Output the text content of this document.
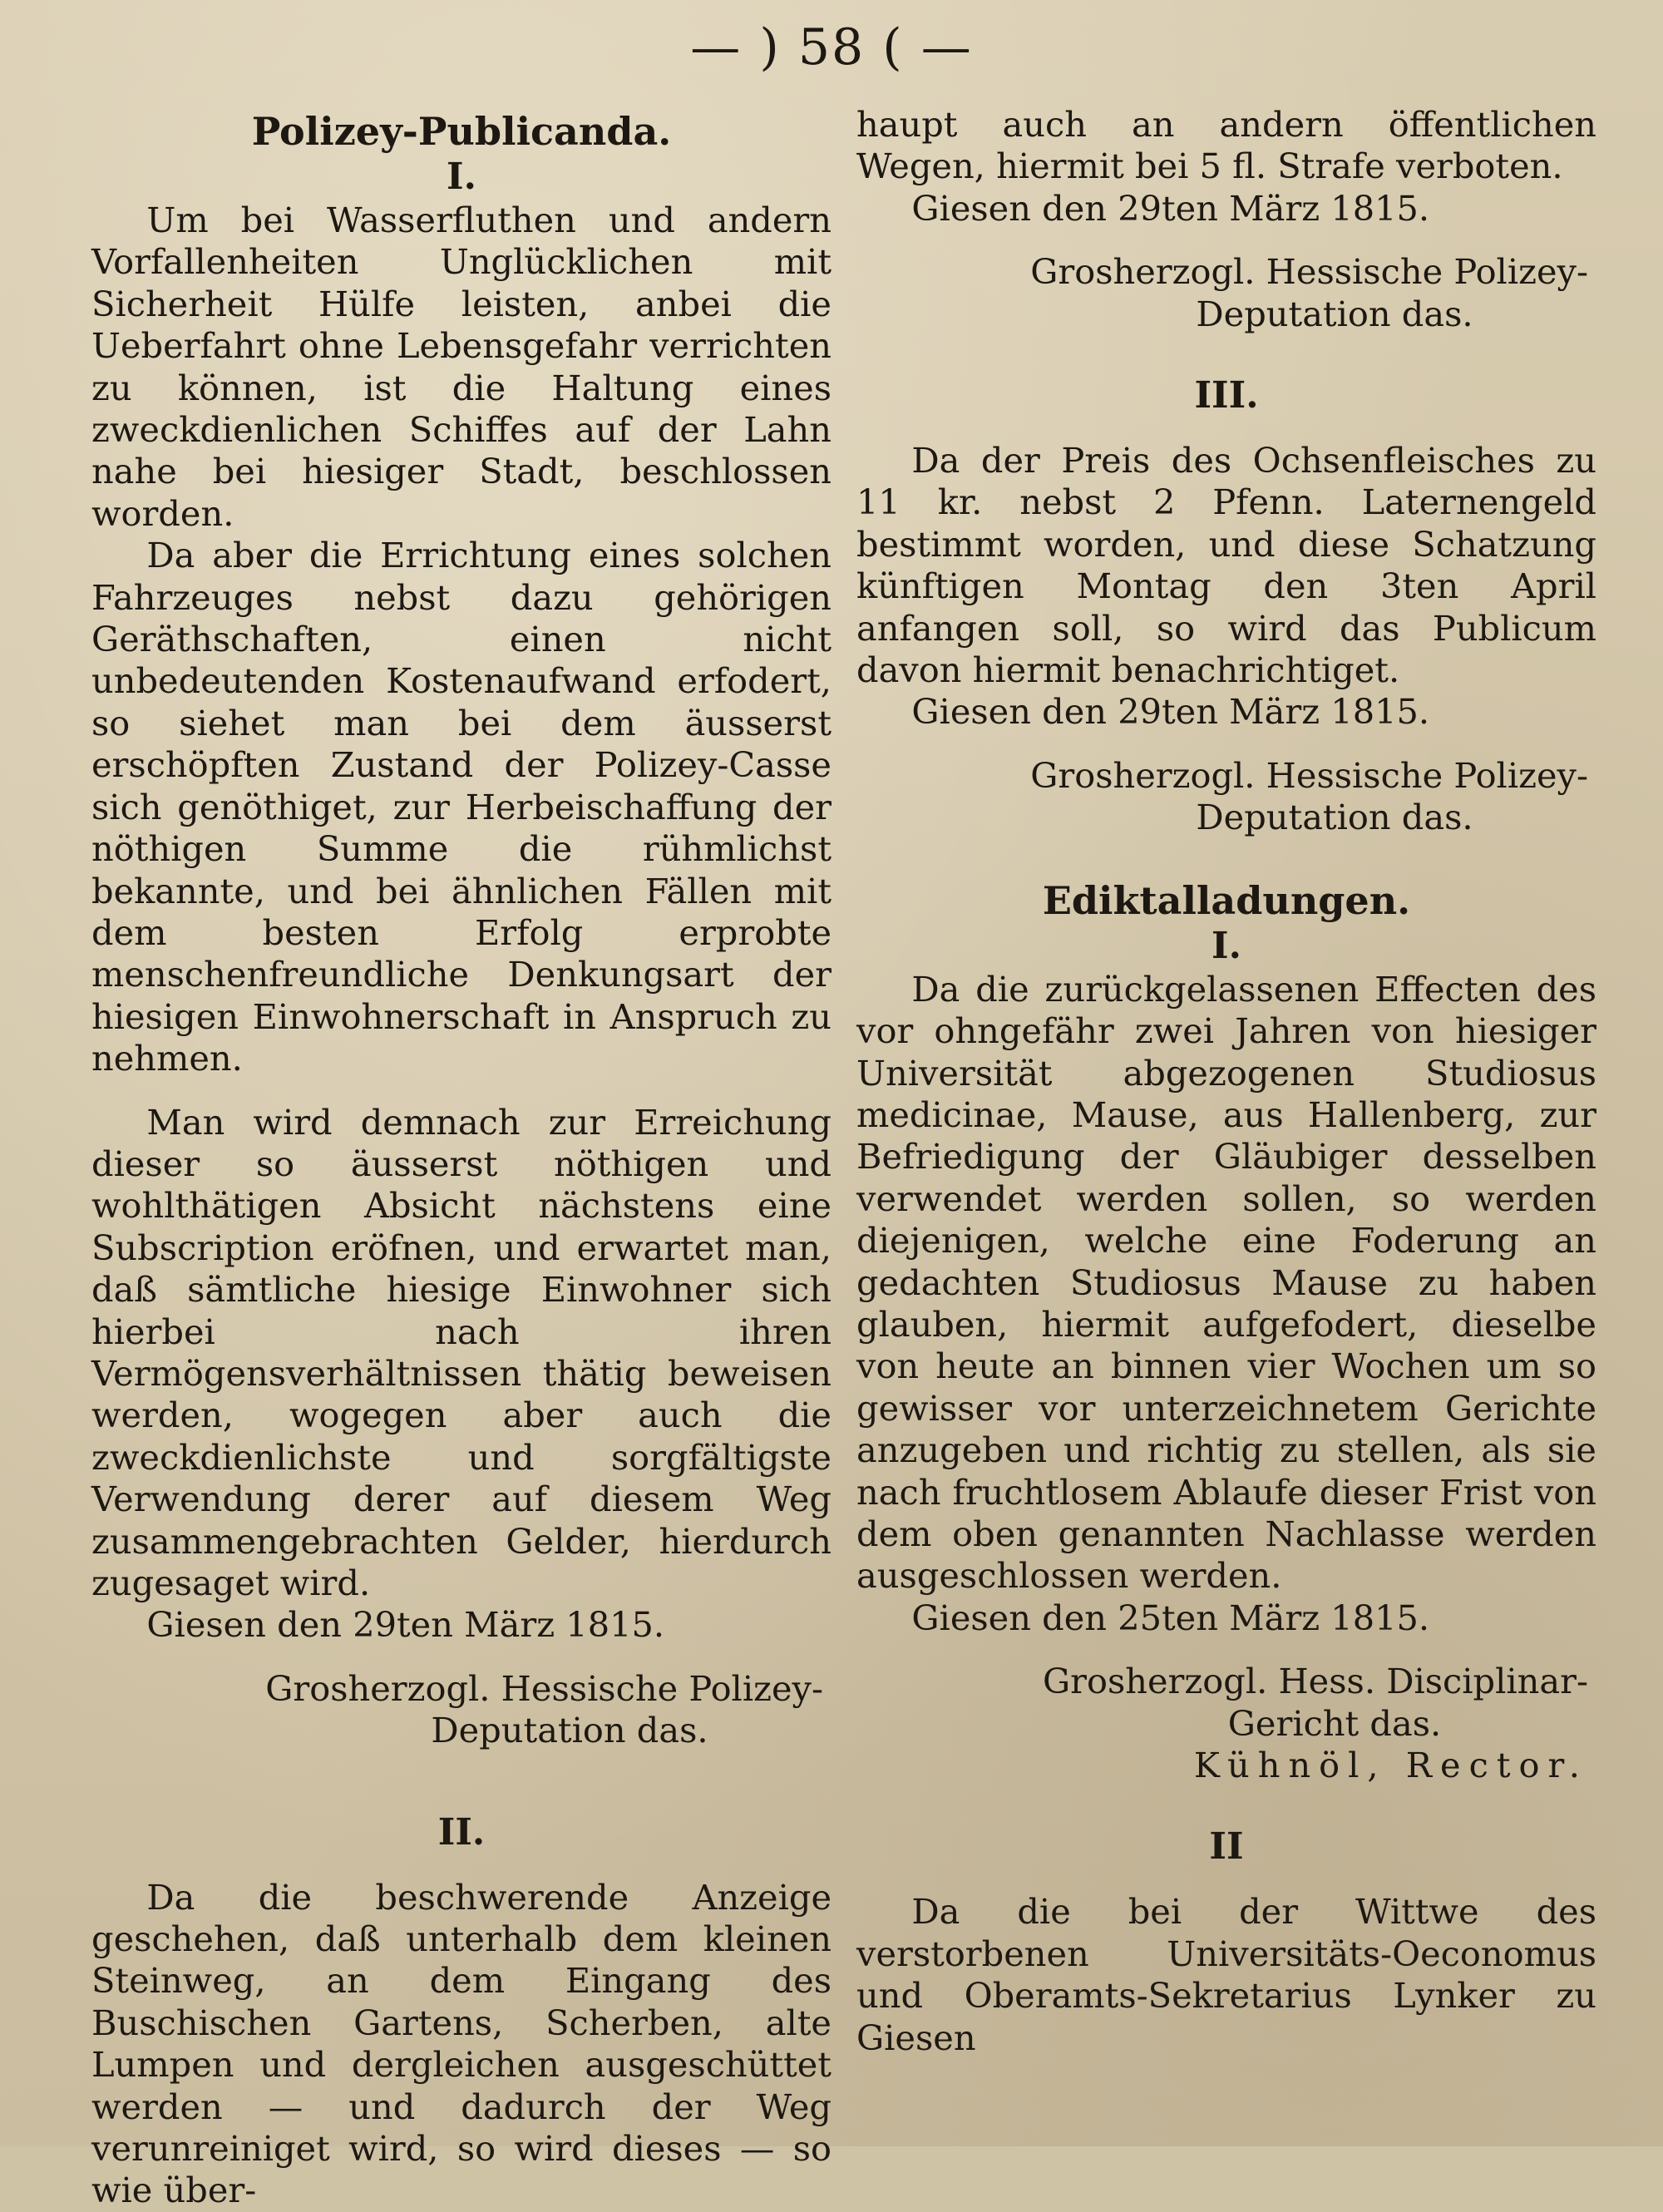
— ) 58 ( —
Polizey-Publicanda.
I.

Um bei Wasserfluthen und andern Vorfallenheiten Unglücklichen mit Sicherheit Hülfe leisten, anbei die Ueberfahrt ohne Lebensgefahr verrichten zu können, ist die Haltung eines zweckdienlichen Schiffes auf der Lahn nahe bei hiesiger Stadt, beschlossen worden.

Da aber die Errichtung eines solchen Fahrzeuges nebst dazu gehörigen Geräthschaften, einen nicht unbedeutenden Kostenaufwand erfodert, so siehet man bei dem äusserst erschöpften Zustand der Polizey-Casse sich genöthiget, zur Herbeischaffung der nöthigen Summe die rühmlichst bekannte, und bei ähnlichen Fällen mit dem besten Erfolg erprobte menschenfreundliche Denkungsart der hiesigen Einwohnerschaft in Anspruch zu nehmen.

Man wird demnach zur Erreichung dieser so äusserst nöthigen und wohlthätigen Absicht nächstens eine Subscription eröfnen, und erwartet man, daß sämtliche hiesige Einwohner sich hierbei nach ihren Vermögensverhältnissen thätig beweisen werden, wogegen aber auch die zweckdienlichste und sorgfältigste Verwendung derer auf diesem Weg zusammengebrachten Gelder, hierdurch zugesaget wird.

Giesen den 29ten März 1815.

Grosherzogl. Hessische Polizey-

Deputation das.

II.

Da die beschwerende Anzeige geschehen, daß unterhalb dem kleinen Steinweg, an dem Eingang des Buschischen Gartens, Scherben, alte Lumpen und dergleichen ausgeschüttet werden — und dadurch der Weg verunreiniget wird, so wird dieses — so wie über-

haupt auch an andern öffentlichen Wegen, hiermit bei 5 fl. Strafe verboten.

Giesen den 29ten März 1815.

Grosherzogl. Hessische Polizey-

Deputation das.

III.

Da der Preis des Ochsenfleisches zu 11 kr. nebst 2 Pfenn. Laternengeld bestimmt worden, und diese Schatzung künftigen Montag den 3ten April anfangen soll, so wird das Publicum davon hiermit benachrichtiget.

Giesen den 29ten März 1815.

Grosherzogl. Hessische Polizey-

Deputation das.

Ediktalladungen.
I.

Da die zurückgelassenen Effecten des vor ohngefähr zwei Jahren von hiesiger Universität abgezogenen Studiosus medicinae, Mause, aus Hallenberg, zur Befriedigung der Gläubiger desselben verwendet werden sollen, so werden diejenigen, welche eine Foderung an gedachten Studiosus Mause zu haben glauben, hiermit aufgefodert, dieselbe von heute an binnen vier Wochen um so gewisser vor unterzeichnetem Gerichte anzugeben und richtig zu stellen, als sie nach fruchtlosem Ablaufe dieser Frist von dem oben genannten Nachlasse werden ausgeschlossen werden.

Giesen den 25ten März 1815.

Grosherzogl. Hess. Disciplinar-

Gericht das.

Kühnöl, Rector.

II

Da die bei der Wittwe des verstorbenen Universitäts-Oeconomus und Oberamts-Sekretarius Lynker zu Giesen
